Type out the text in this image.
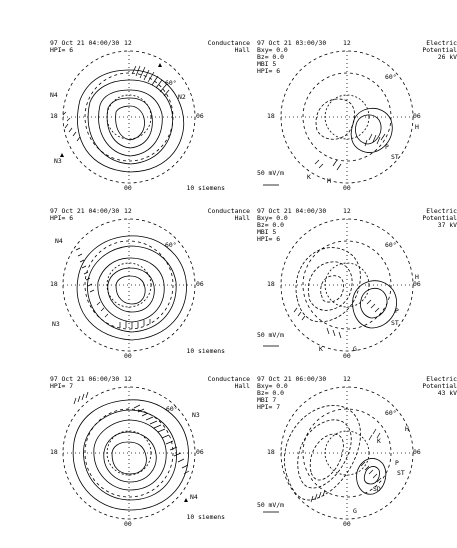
97 Oct 21 04:00/30
HPI= 6
12	Conductance
Hall
N4	N2
N3
60°
18	06
00	10 siemens
97 Oct 21 03:00/30
Bxy= 0.0
Bz= 0.0
MBI 5
HPI= 6
12	Electric
Potential
26 kV
60°
18	06
H
P
ST
K	M
00
50 mV/m
97 Oct 21 04:00/30
HPI= 6
12	Conductance
Hall
N4
N3
60°
18	06
00
10 siemens
97 Oct 21 04:00/30
Bxy= 0.0
Bz= 0.0
MBI 5
HPI= 6
12	Electric
Potential
37 kV
60°
18	06
H
P
ST
K	G
00
50 mV/m
97 Oct 21 06:00/30
HPI= 7
12	Conductance
Hall
N3
N4
60°
18	06
00
10 siemens
97 Oct 21 06:00/30
Bxy= 0.0
Bz= 0.0
MBI 7
HPI= 7
12	Electric
Potential
43 kV
60°
18	06
H
P
ST
K
SD
G
00
50 mV/m
